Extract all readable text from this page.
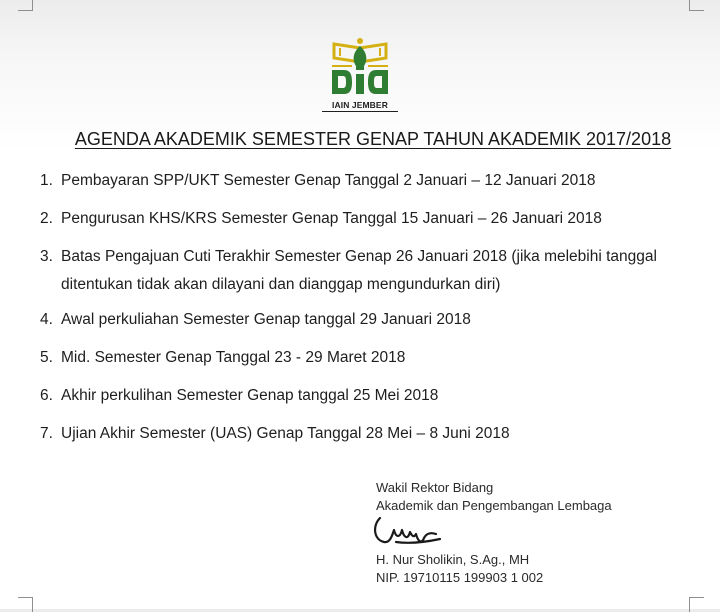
IAIN JEMBER
AGENDA AKADEMIK SEMESTER GENAP TAHUN AKADEMIK 2017/2018
1. Pembayaran SPP/UKT Semester Genap Tanggal 2 Januari – 12 Januari 2018
2. Pengurusan KHS/KRS Semester Genap Tanggal 15 Januari – 26 Januari 2018
3. Batas Pengajuan Cuti Terakhir Semester Genap 26 Januari 2018 (jika melebihi tanggal ditentukan tidak akan dilayani dan dianggap mengundurkan diri)
4. Awal perkuliahan Semester Genap tanggal 29 Januari 2018
5. Mid. Semester Genap Tanggal 23 - 29 Maret 2018
6. Akhir perkulihan Semester Genap tanggal 25 Mei 2018
7. Ujian Akhir Semester (UAS) Genap Tanggal 28 Mei – 8 Juni 2018
Wakil Rektor Bidang
Akademik dan Pengembangan Lembaga
H. Nur Sholikin, S.Ag., MH
NIP. 19710115 199903 1 002
